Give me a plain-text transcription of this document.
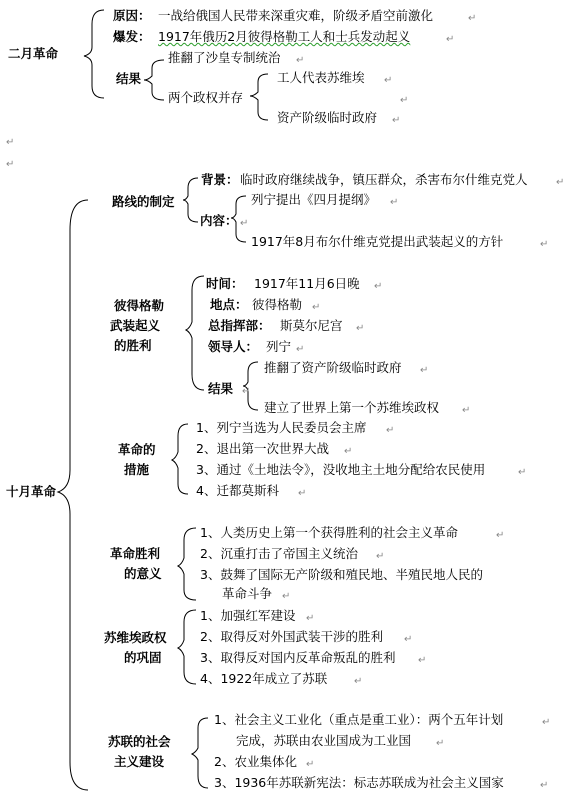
二月革命
原因： 一战给俄国人民带来深重灾难，阶级矛盾空前激化	↵
爆发： 1917年俄历2月彼得格勒工人和士兵发动起义	↵
推翻了沙皇专制统治 ↵
结果	工人代表苏维埃 ↵
两个政权并存	↵
资产阶级临时政府 ↵
↵
↵
十月革命
路线的制定
背景： 临时政府继续战争，镇压群众，杀害布尔什维克党人	↵
列宁提出《四月提纲》 ↵
内容： ↵
1917年8月布尔什维克党提出武装起义的方针	↵
彼得格勒
武装起义
的胜利
时间： 1917年11月6日晚 ↵
地点： 彼得格勒 ↵
总指挥部： 斯莫尔尼宫 ↵
领导人： 列宁 ↵
推翻了资产阶级临时政府 ↵
结果 ↵
建立了世界上第一个苏维埃政权 ↵
革命的
措施
1、列宁当选为人民委员会主席 ↵
2、退出第一次世界大战 ↵
3、通过《土地法令》，没收地主土地分配给农民使用	↵
4、迁都莫斯科 ↵
革命胜利
的意义
1、人类历史上第一个获得胜利的社会主义革命	↵
2、沉重打击了帝国主义统治 ↵
3、鼓舞了国际无产阶级和殖民地、半殖民地人民的
革命斗争 ↵
苏维埃政权
的巩固
1、加强红军建设 ↵
2、取得反对外国武装干涉的胜利 ↵
3、取得反对国内反革命叛乱的胜利 ↵
4、1922年成立了苏联	↵
苏联的社会
主义建设
1、社会主义工业化（重点是重工业）：两个五年计划	↵
完成，苏联由农业国成为工业国 ↵
2、农业集体化 ↵
3、1936年苏联新宪法：标志苏联成为社会主义国家	↵
